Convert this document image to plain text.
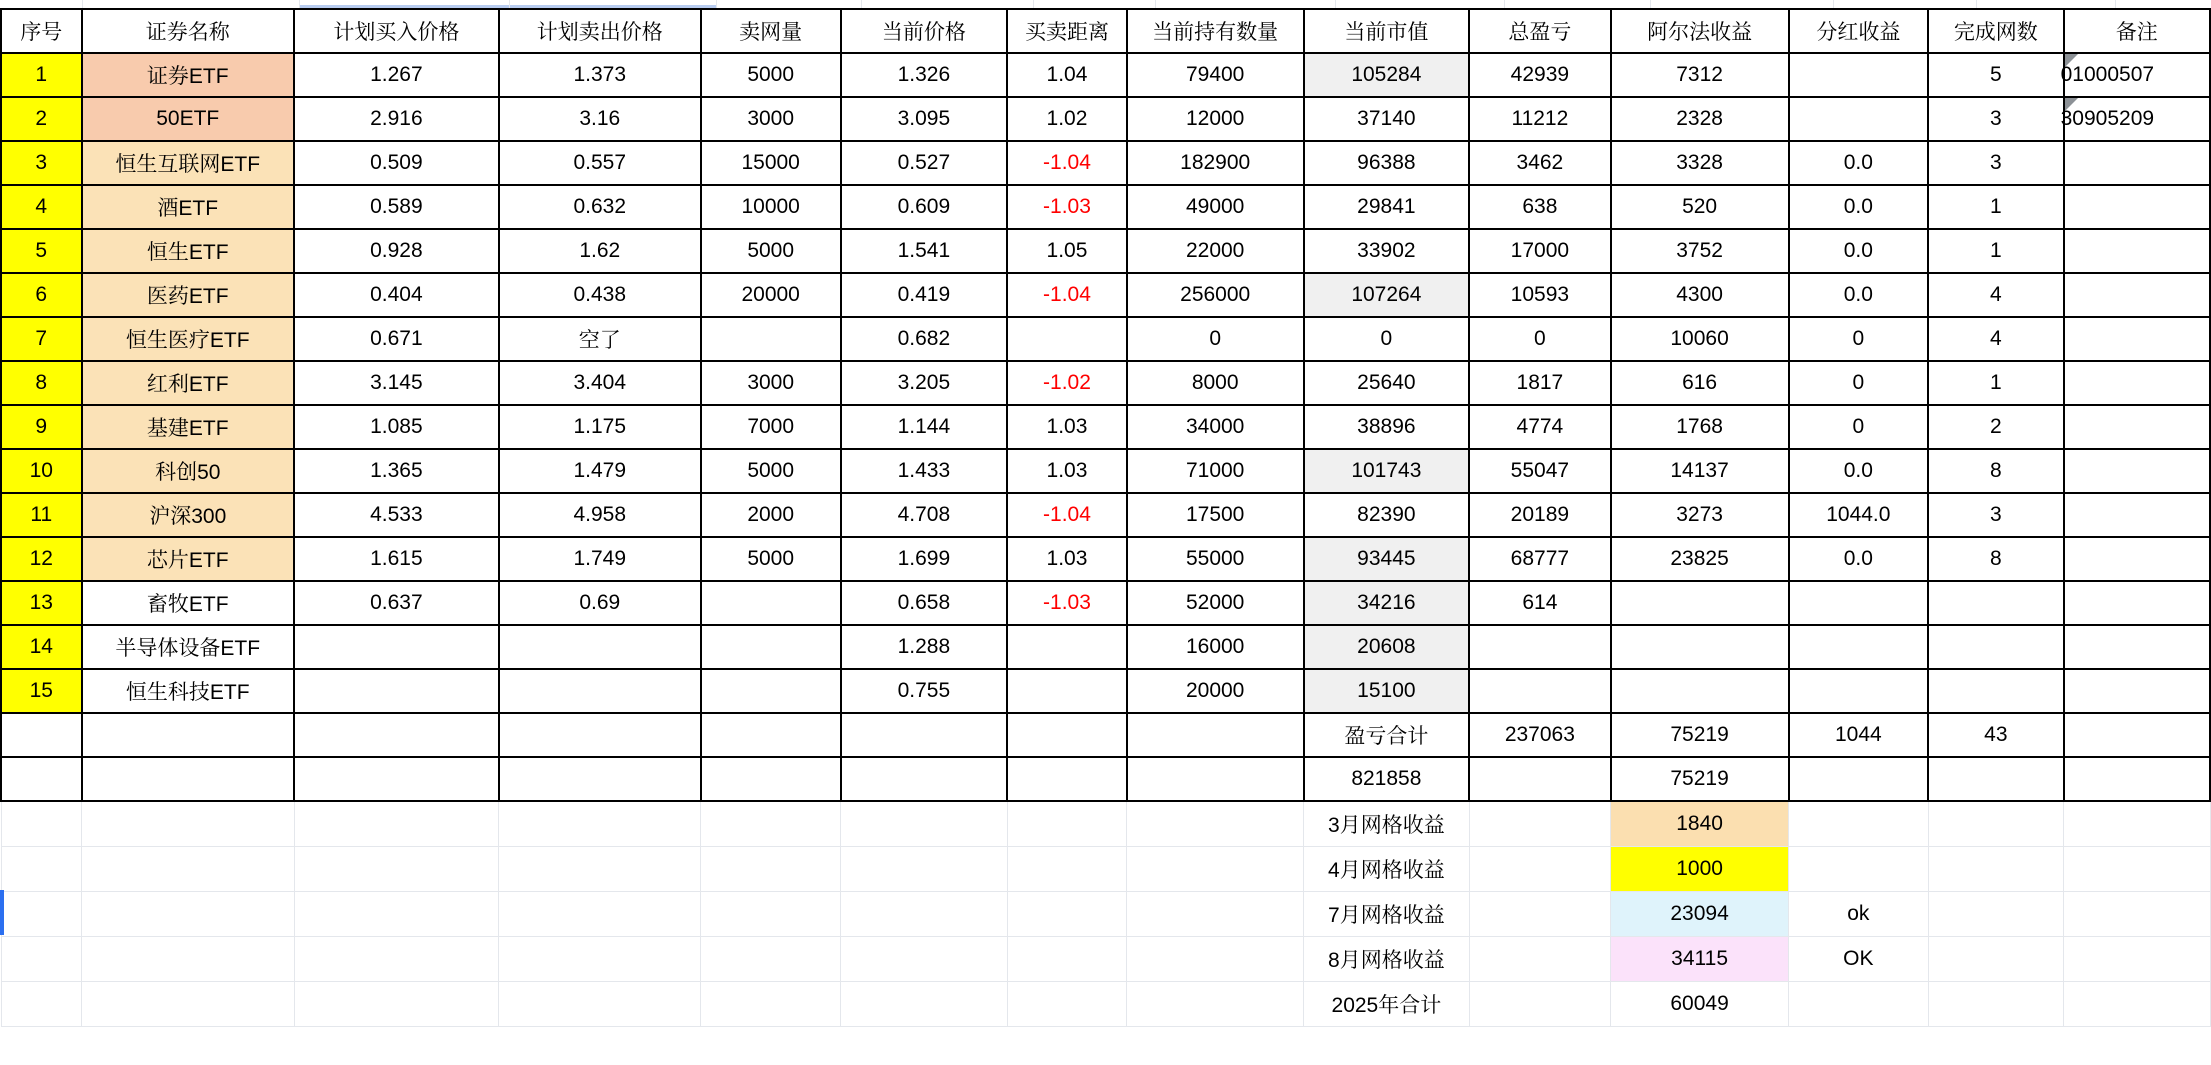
序号	证券名称	计划买入价格	计划卖出价格	卖网量	当前价格	买卖距离	当前持有数量	当前市值	总盈亏	阿尔法收益	分红收益	完成网数	备注
1	证券ETF	1.267	1.373	5000	1.326	1.04	79400	105284	42939	7312		5	01000507
2	50ETF	2.916	3.16	3000	3.095	1.02	12000	37140	11212	2328		3	30905209
3	恒生互联网ETF	0.509	0.557	15000	0.527	-1.04	182900	96388	3462	3328	0.0	3	
4	酒ETF	0.589	0.632	10000	0.609	-1.03	49000	29841	638	520	0.0	1	
5	恒生ETF	0.928	1.62	5000	1.541	1.05	22000	33902	17000	3752	0.0	1	
6	医药ETF	0.404	0.438	20000	0.419	-1.04	256000	107264	10593	4300	0.0	4	
7	恒生医疗ETF	0.671	空了		0.682		0	0	0	10060	0	4	
8	红利ETF	3.145	3.404	3000	3.205	-1.02	8000	25640	1817	616	0	1	
9	基建ETF	1.085	1.175	7000	1.144	1.03	34000	38896	4774	1768	0	2	
10	科创50	1.365	1.479	5000	1.433	1.03	71000	101743	55047	14137	0.0	8	
11	沪深300	4.533	4.958	2000	4.708	-1.04	17500	82390	20189	3273	1044.0	3	
12	芯片ETF	1.615	1.749	5000	1.699	1.03	55000	93445	68777	23825	0.0	8	
13	畜牧ETF	0.637	0.69		0.658	-1.03	52000	34216	614				
14	半导体设备ETF				1.288		16000	20608					
15	恒生科技ETF				0.755		20000	15100					
								盈亏合计	237063	75219	1044	43	
								821858		75219			
								3月网格收益		1840			
								4月网格收益		1000			
								7月网格收益		23094	ok		
								8月网格收益		34115	OK		
								2025年合计		60049			
